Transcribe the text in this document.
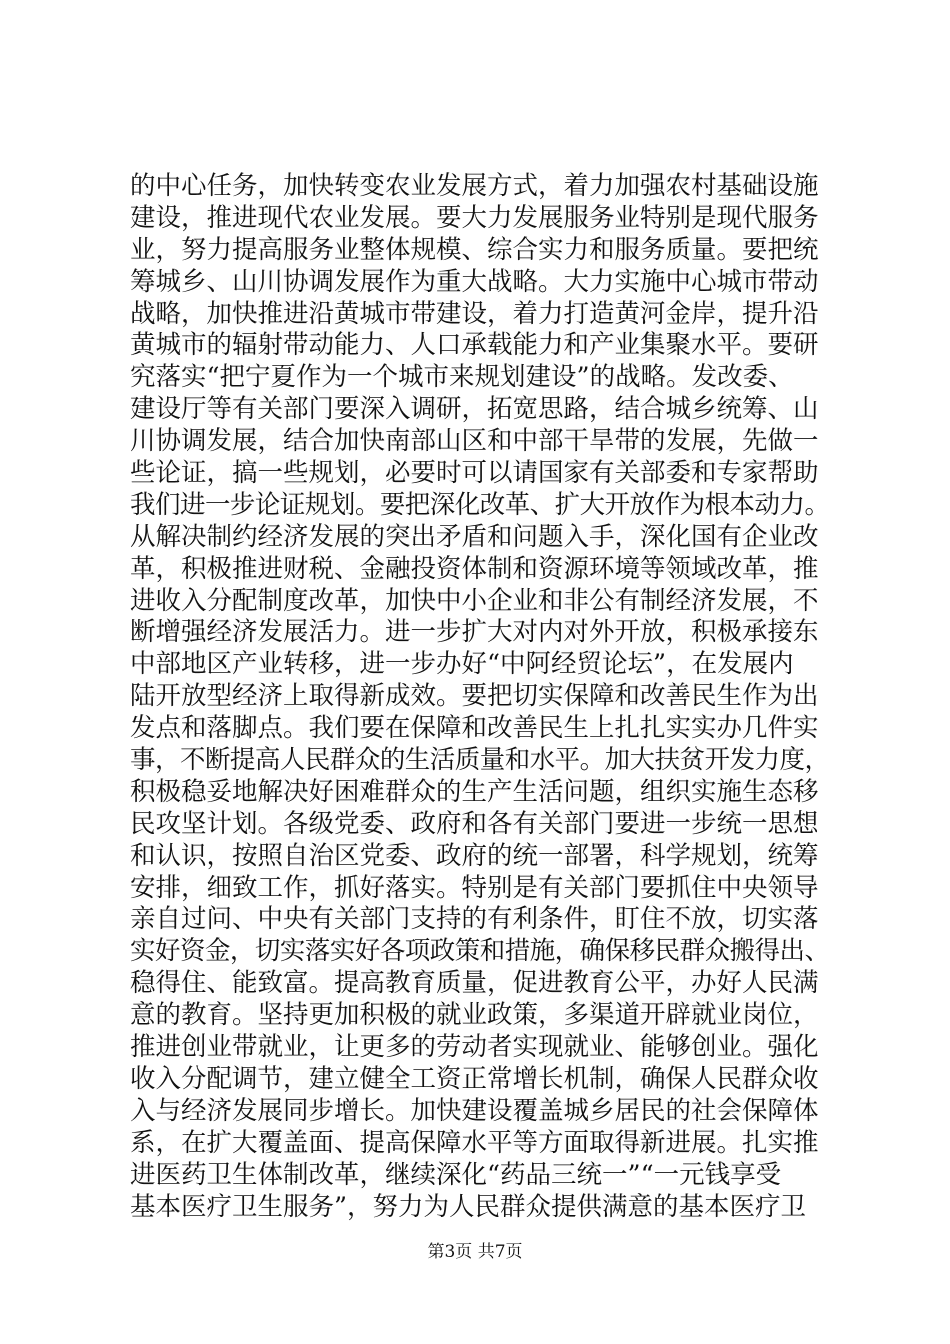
的中心任务，加快转变农业发展方式，着力加强农村基础设施
建设，推进现代农业发展。要大力发展服务业特别是现代服务
业，努力提高服务业整体规模、综合实力和服务质量。要把统
筹城乡、山川协调发展作为重大战略。大力实施中心城市带动
战略，加快推进沿黄城市带建设，着力打造黄河金岸，提升沿
黄城市的辐射带动能力、人口承载能力和产业集聚水平。要研
究落实“把宁夏作为一个城市来规划建设”的战略。发改委、
建设厅等有关部门要深入调研，拓宽思路，结合城乡统筹、山
川协调发展，结合加快南部山区和中部干旱带的发展，先做一
些论证，搞一些规划，必要时可以请国家有关部委和专家帮助
我们进一步论证规划。要把深化改革、扩大开放作为根本动力。
从解决制约经济发展的突出矛盾和问题入手，深化国有企业改
革，积极推进财税、金融投资体制和资源环境等领域改革，推
进收入分配制度改革，加快中小企业和非公有制经济发展，不
断增强经济发展活力。进一步扩大对内对外开放，积极承接东
中部地区产业转移，进一步办好“中阿经贸论坛”，在发展内
陆开放型经济上取得新成效。要把切实保障和改善民生作为出
发点和落脚点。我们要在保障和改善民生上扎扎实实办几件实
事，不断提高人民群众的生活质量和水平。加大扶贫开发力度，
积极稳妥地解决好困难群众的生产生活问题，组织实施生态移
民攻坚计划。各级党委、政府和各有关部门要进一步统一思想
和认识，按照自治区党委、政府的统一部署，科学规划，统筹
安排，细致工作，抓好落实。特别是有关部门要抓住中央领导
亲自过问、中央有关部门支持的有利条件，盯住不放，切实落
实好资金，切实落实好各项政策和措施，确保移民群众搬得出、
稳得住、能致富。提高教育质量，促进教育公平，办好人民满
意的教育。坚持更加积极的就业政策，多渠道开辟就业岗位，
推进创业带就业，让更多的劳动者实现就业、能够创业。强化
收入分配调节，建立健全工资正常增长机制，确保人民群众收
入与经济发展同步增长。加快建设覆盖城乡居民的社会保障体
系，在扩大覆盖面、提高保障水平等方面取得新进展。扎实推
进医药卫生体制改革，继续深化“药品三统一”“一元钱享受
基本医疗卫生服务”，努力为人民群众提供满意的基本医疗卫
第3页 共7页
